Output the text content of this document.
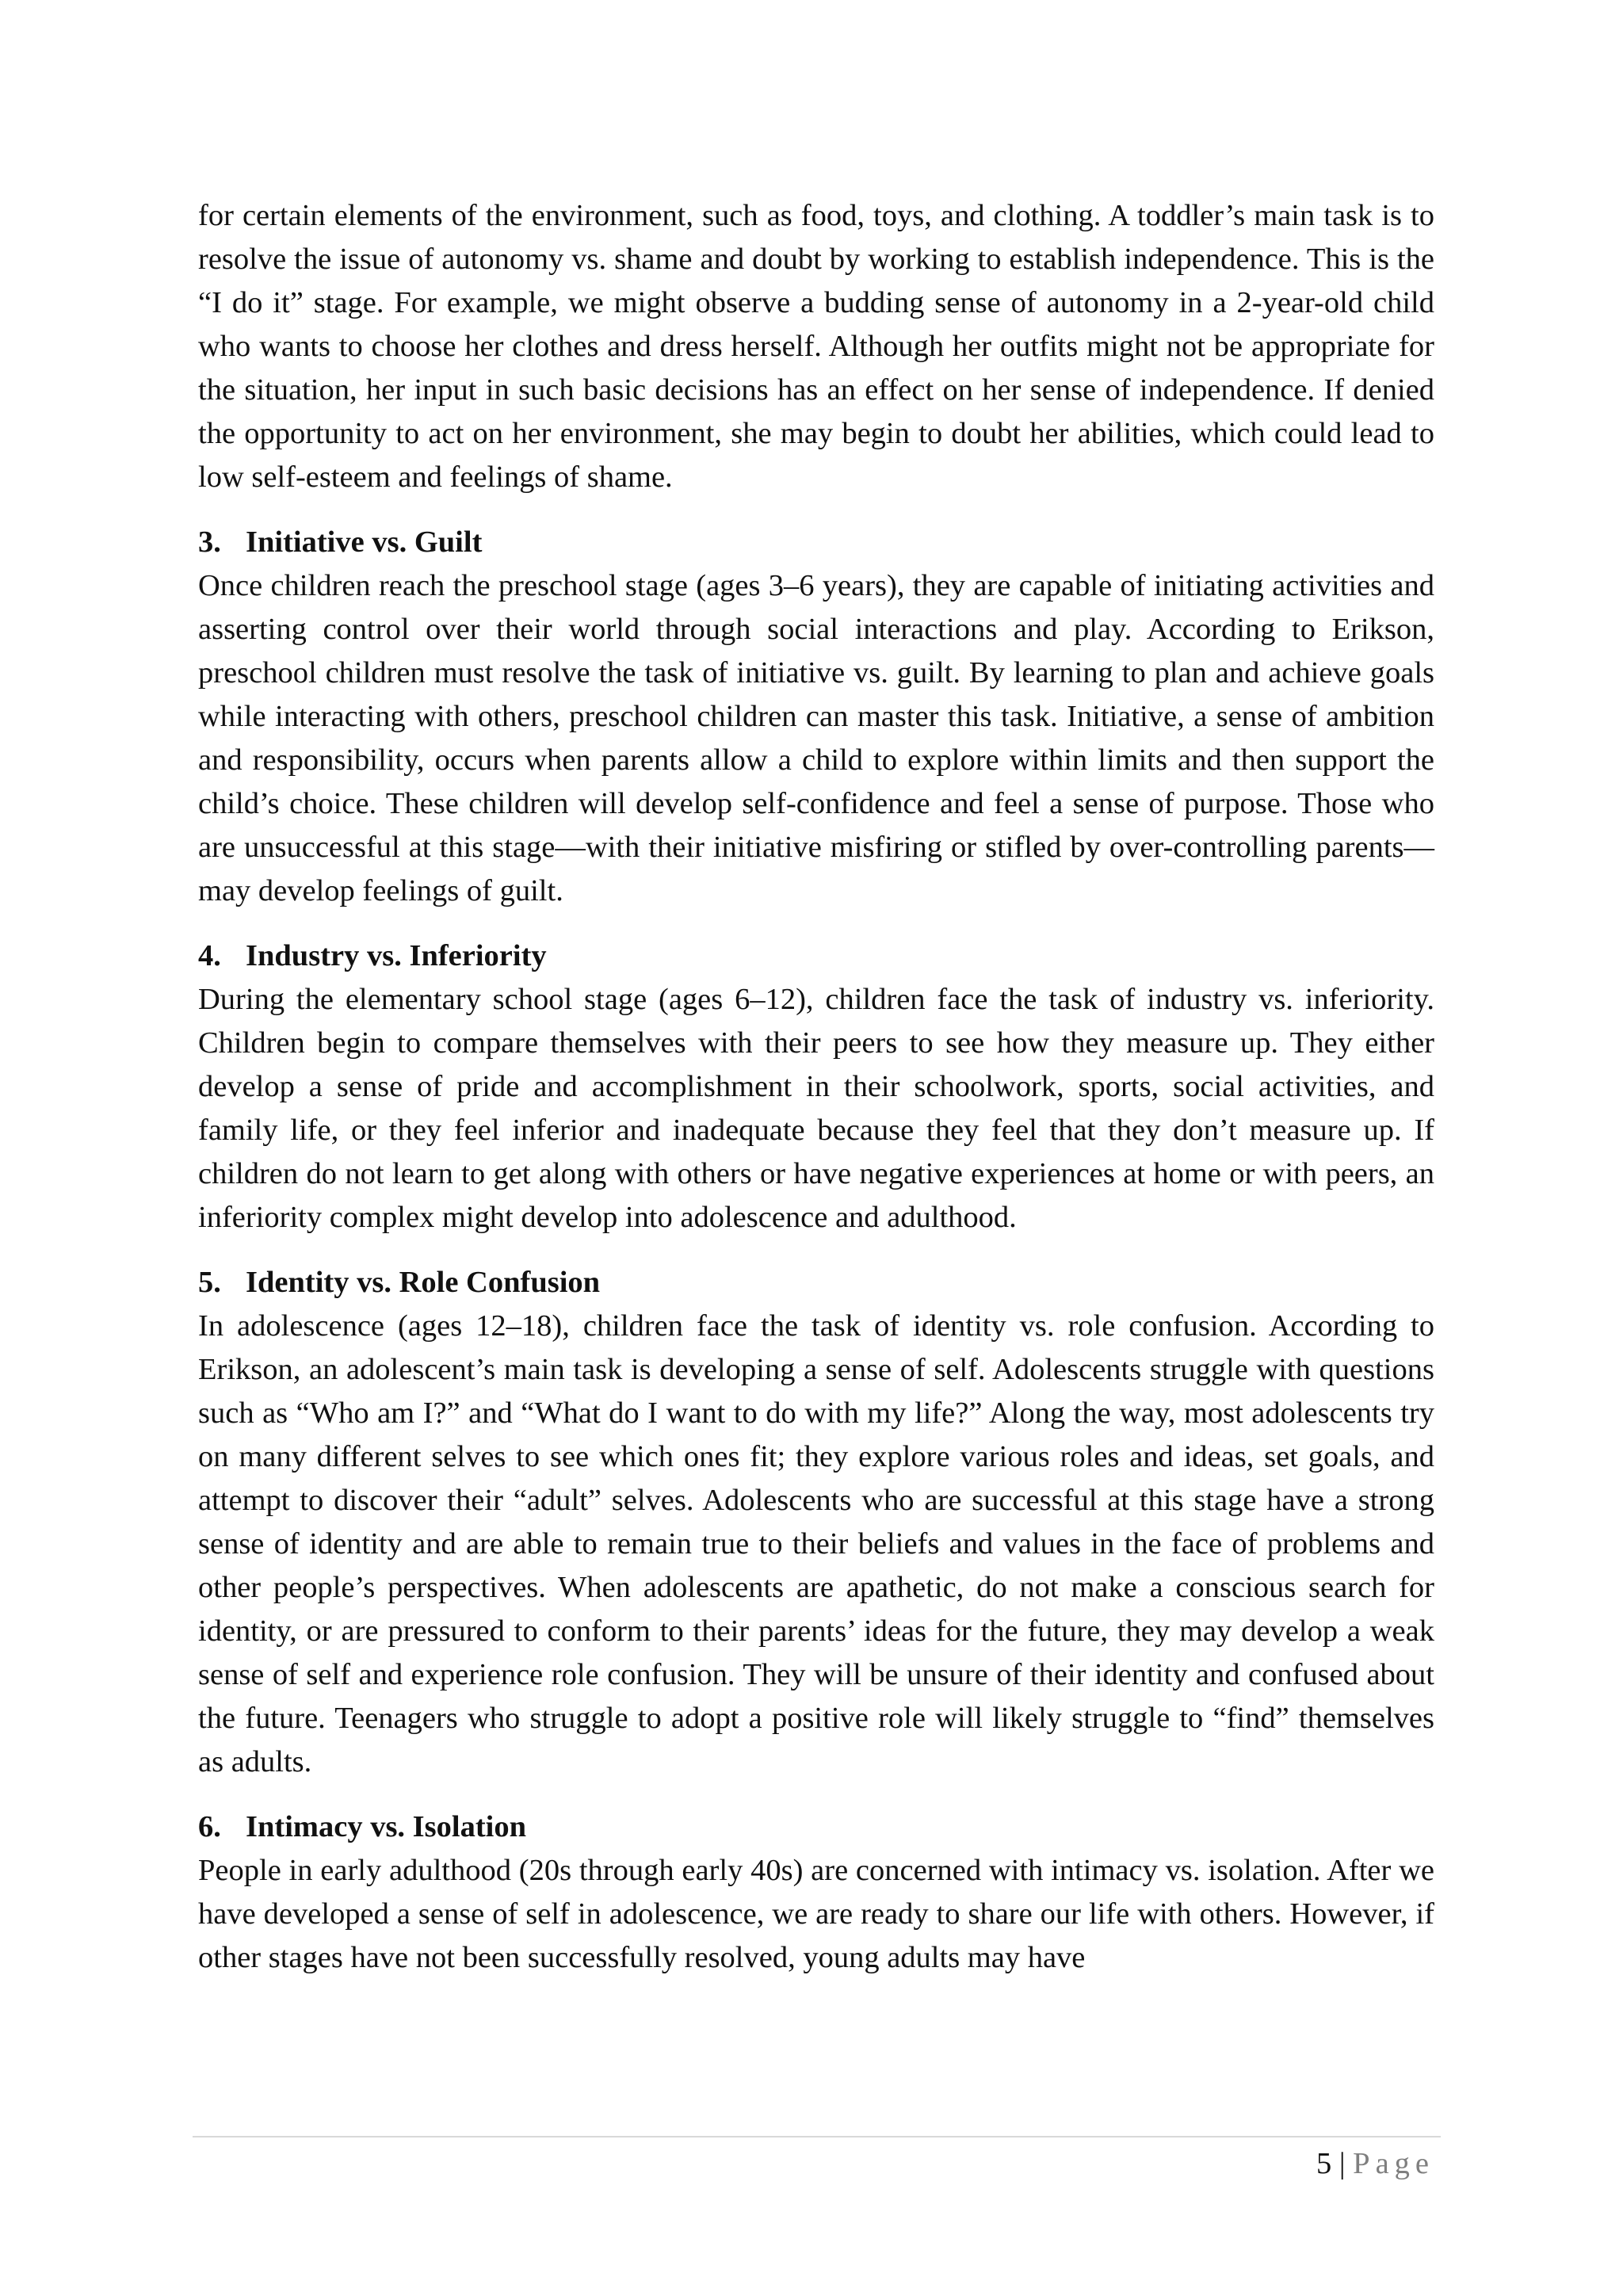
for certain elements of the environment, such as food, toys, and clothing. A toddler’s main task is to resolve the issue of autonomy vs. shame and doubt by working to establish independence. This is the “I do it” stage. For example, we might observe a budding sense of autonomy in a 2-year-old child who wants to choose her clothes and dress herself. Although her outfits might not be appropriate for the situation, her input in such basic decisions has an effect on her sense of independence. If denied the opportunity to act on her environment, she may begin to doubt her abilities, which could lead to low self-esteem and feelings of shame.

3. Initiative vs. Guilt

Once children reach the preschool stage (ages 3–6 years), they are capable of initiating activities and asserting control over their world through social interactions and play. According to Erikson, preschool children must resolve the task of initiative vs. guilt. By learning to plan and achieve goals while interacting with others, preschool children can master this task. Initiative, a sense of ambition and responsibility, occurs when parents allow a child to explore within limits and then support the child’s choice. These children will develop self-confidence and feel a sense of purpose. Those who are unsuccessful at this stage—with their initiative misfiring or stifled by over-controlling parents—may develop feelings of guilt.

4. Industry vs. Inferiority

During the elementary school stage (ages 6–12), children face the task of industry vs. inferiority. Children begin to compare themselves with their peers to see how they measure up. They either develop a sense of pride and accomplishment in their schoolwork, sports, social activities, and family life, or they feel inferior and inadequate because they feel that they don’t measure up. If children do not learn to get along with others or have negative experiences at home or with peers, an inferiority complex might develop into adolescence and adulthood.

5. Identity vs. Role Confusion

In adolescence (ages 12–18), children face the task of identity vs. role confusion. According to Erikson, an adolescent’s main task is developing a sense of self. Adolescents struggle with questions such as “Who am I?” and “What do I want to do with my life?” Along the way, most adolescents try on many different selves to see which ones fit; they explore various roles and ideas, set goals, and attempt to discover their “adult” selves. Adolescents who are successful at this stage have a strong sense of identity and are able to remain true to their beliefs and values in the face of problems and other people’s perspectives. When adolescents are apathetic, do not make a conscious search for identity, or are pressured to conform to their parents’ ideas for the future, they may develop a weak sense of self and experience role confusion. They will be unsure of their identity and confused about the future. Teenagers who struggle to adopt a positive role will likely struggle to “find” themselves as adults.

6. Intimacy vs. Isolation

People in early adulthood (20s through early 40s) are concerned with intimacy vs. isolation. After we have developed a sense of self in adolescence, we are ready to share our life with others. However, if other stages have not been successfully resolved, young adults may have

5 | Page
